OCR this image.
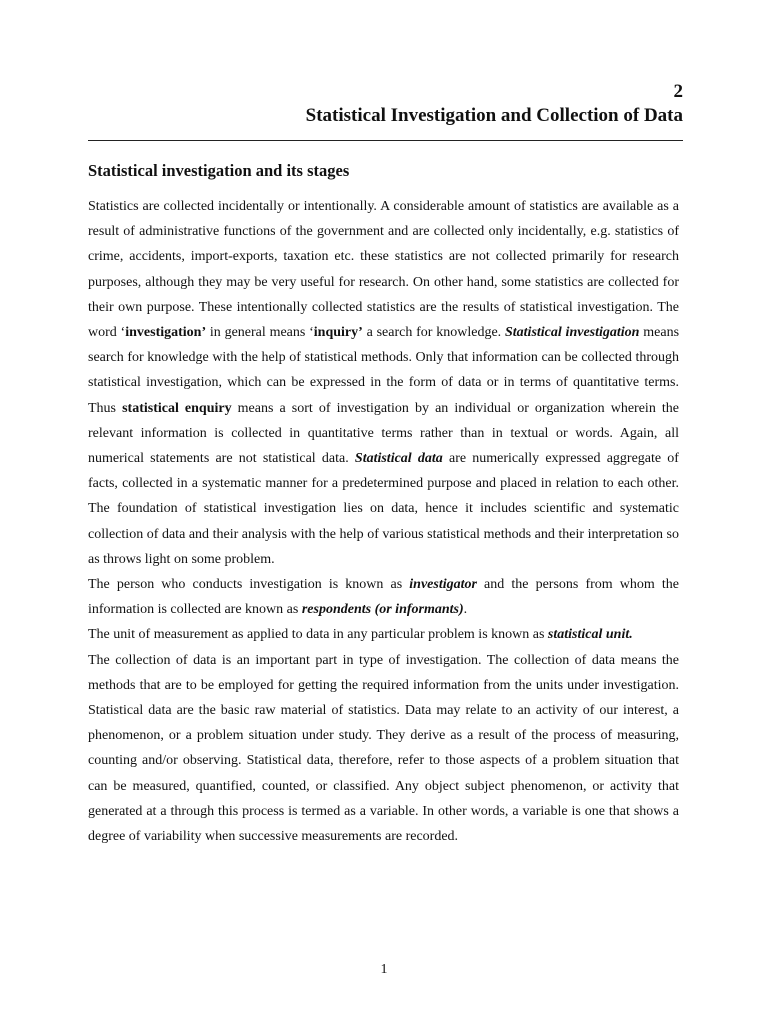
2
Statistical Investigation and Collection of Data
Statistical investigation and its stages

Statistics are collected incidentally or intentionally. A considerable amount of statistics are available as a result of administrative functions of the government and are collected only incidentally, e.g. statistics of crime, accidents, import-exports, taxation etc. these statistics are not collected primarily for research purposes, although they may be very useful for research. On other hand, some statistics are collected for their own purpose. These intentionally collected statistics are the results of statistical investigation. The word ‘investigation’ in general means ‘inquiry’ a search for knowledge. Statistical investigation means search for knowledge with the help of statistical methods. Only that information can be collected through statistical investigation, which can be expressed in the form of data or in terms of quantitative terms. Thus statistical enquiry means a sort of investigation by an individual or organization wherein the relevant information is collected in quantitative terms rather than in textual or words. Again, all numerical statements are not statistical data. Statistical data are numerically expressed aggregate of facts, collected in a systematic manner for a predetermined purpose and placed in relation to each other. The foundation of statistical investigation lies on data, hence it includes scientific and systematic collection of data and their analysis with the help of various statistical methods and their interpretation so as throws light on some problem.

The person who conducts investigation is known as investigator and the persons from whom the information is collected are known as respondents (or informants).

The unit of measurement as applied to data in any particular problem is known as statistical unit.

The collection of data is an important part in type of investigation. The collection of data means the methods that are to be employed for getting the required information from the units under investigation. Statistical data are the basic raw material of statistics. Data may relate to an activity of our interest, a phenomenon, or a problem situation under study. They derive as a result of the process of measuring, counting and/or observing. Statistical data, therefore, refer to those aspects of a problem situation that can be measured, quantified, counted, or classified. Any object subject phenomenon, or activity that generated at a through this process is termed as a variable. In other words, a variable is one that shows a degree of variability when successive measurements are recorded.

1
